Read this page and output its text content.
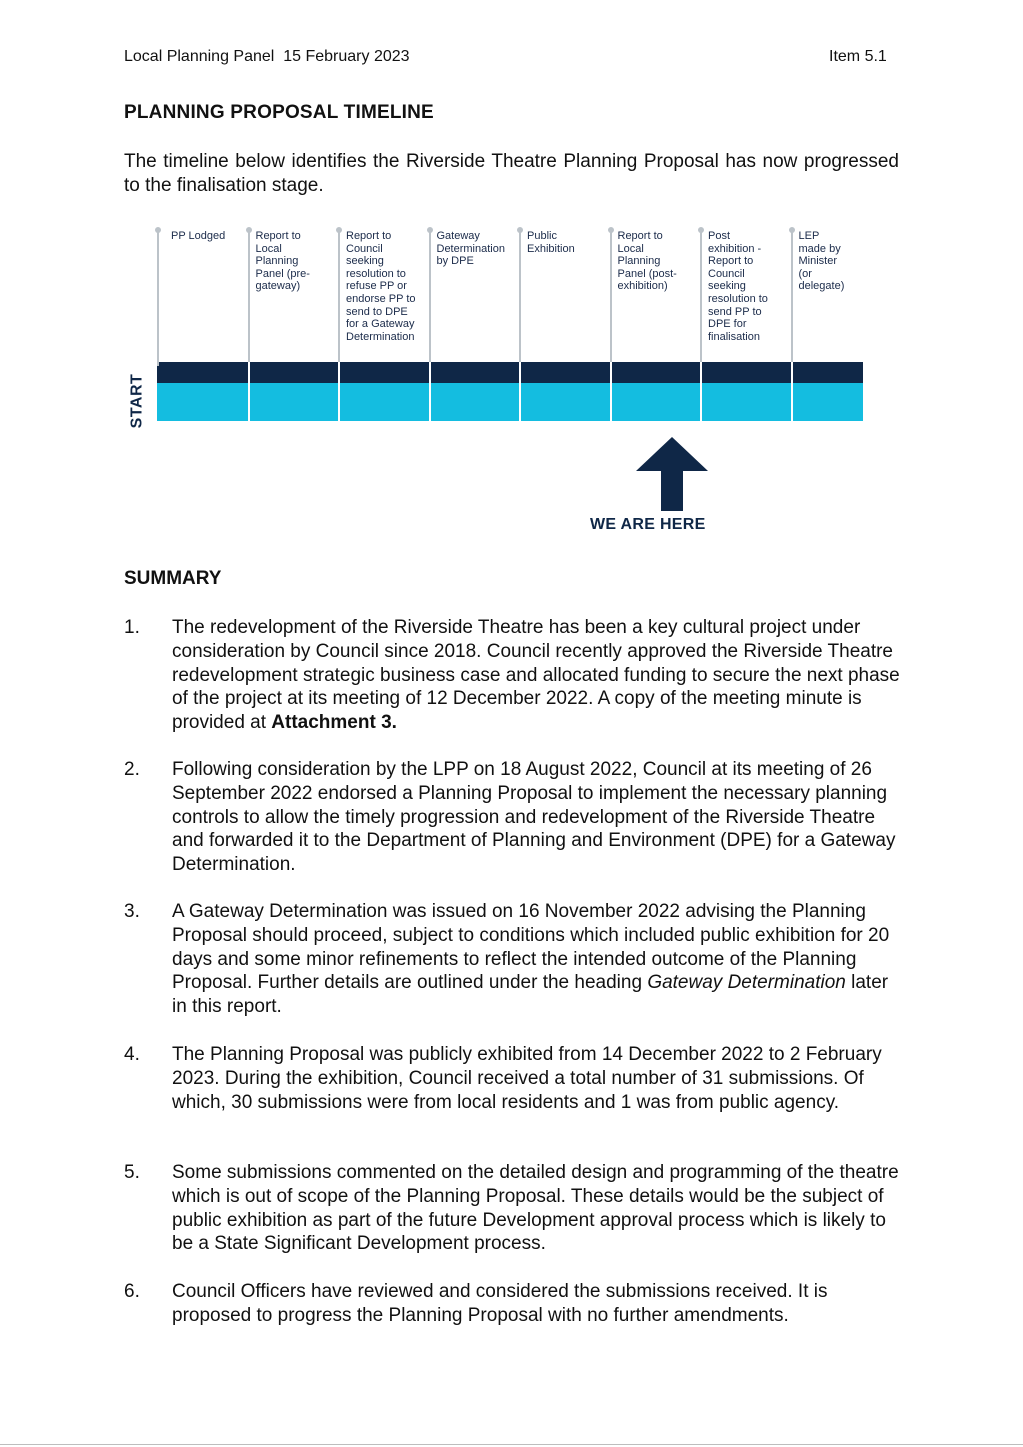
Local Planning Panel  15 February 2023	Item 5.1
PLANNING PROPOSAL TIMELINE
The timeline below identifies the Riverside Theatre Planning Proposal has now progressed to the finalisation stage.
START
WE ARE HERE
PP Lodged	Report to
Local
Planning
Panel (pre-
gateway)
Report to
Council
seeking
resolution to
refuse PP or
endorse PP to
send to DPE
for a Gateway
Determination
Gateway
Determination
by DPE
Public
Exhibition
Report to
Local
Planning
Panel (post-
exhibition)
Post
exhibition -
Report to
Council
seeking
resolution to
send PP to
DPE for
finalisation
LEP
made by
Minister
(or
delegate)
SUMMARY
1. The redevelopment of the Riverside Theatre has been a key cultural project under consideration by Council since 2018. Council recently approved the Riverside Theatre redevelopment strategic business case and allocated funding to secure the next phase of the project at its meeting of 12 December 2022. A copy of the meeting minute is provided at Attachment 3.
2. Following consideration by the LPP on 18 August 2022, Council at its meeting of 26 September 2022 endorsed a Planning Proposal to implement the necessary planning controls to allow the timely progression and redevelopment of the Riverside Theatre and forwarded it to the Department of Planning and Environment (DPE) for a Gateway Determination.
3. A Gateway Determination was issued on 16 November 2022 advising the Planning Proposal should proceed, subject to conditions which included public exhibition for 20 days and some minor refinements to reflect the intended outcome of the Planning Proposal. Further details are outlined under the heading Gateway Determination later in this report.
4. The Planning Proposal was publicly exhibited from 14 December 2022 to 2 February 2023. During the exhibition, Council received a total number of 31 submissions. Of which, 30 submissions were from local residents and 1 was from public agency.
5. Some submissions commented on the detailed design and programming of the theatre which is out of scope of the Planning Proposal. These details would be the subject of public exhibition as part of the future Development approval process which is likely to be a State Significant Development process.
6. Council Officers have reviewed and considered the submissions received. It is proposed to progress the Planning Proposal with no further amendments.
